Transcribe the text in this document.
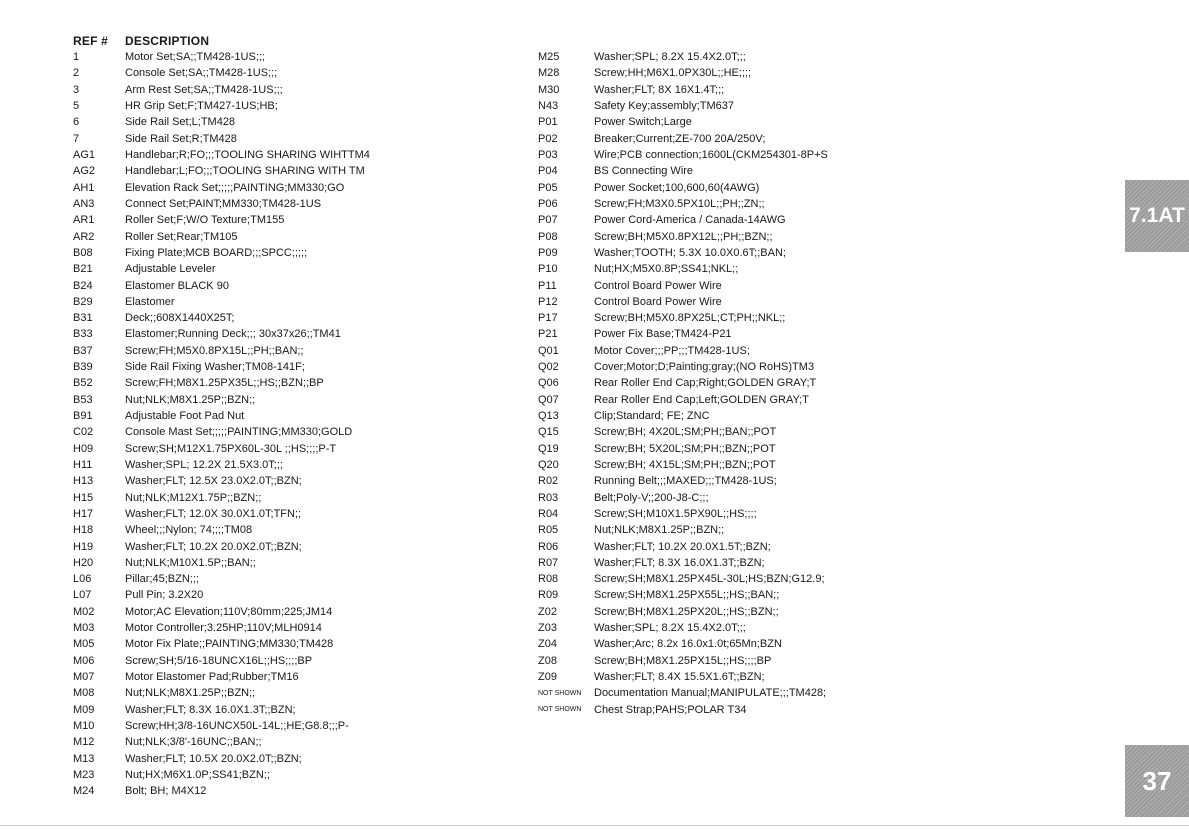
REF #	DESCRIPTION
1	Motor Set;SA;;TM428-1US;;;
2	Console Set;SA;;TM428-1US;;;
3	Arm Rest Set;SA;;TM428-1US;;;
5	HR Grip Set;F;TM427-1US;HB;
6	Side Rail Set;L;TM428
7	Side Rail Set;R;TM428
AG1	Handlebar;R;FO;;;TOOLING SHARING WIHTTM4
AG2	Handlebar;L;FO;;;TOOLING SHARING WITH TM
AH1	Elevation Rack Set;;;;;PAINTING;MM330;GO
AN3	Connect Set;PAINT;MM330;TM428-1US
AR1	Roller Set;F;W/O Texture;TM155
AR2	Roller Set;Rear;TM105
B08	Fixing Plate;MCB BOARD;;;SPCC;;;;;
B21	Adjustable Leveler
B24	Elastomer BLACK 90
B29	Elastomer
B31	Deck;;608X1440X25T;
B33	Elastomer;Running Deck;;; 30x37x26;;TM41
B37	Screw;FH;M5X0.8PX15L;;PH;;BAN;;
B39	Side Rail Fixing Washer;TM08-141F;
B52	Screw;FH;M8X1.25PX35L;;HS;;BZN;;BP
B53	Nut;NLK;M8X1.25P;;BZN;;
B91	Adjustable Foot Pad Nut
C02	Console Mast Set;;;;;PAINTING;MM330;GOLD
H09	Screw;SH;M12X1.75PX60L-30L ;;HS;;;;P-T
H11	Washer;SPL; 12.2X 21.5X3.0T;;;
H13	Washer;FLT; 12.5X 23.0X2.0T;;BZN;
H15	Nut;NLK;M12X1.75P;;BZN;;
H17	Washer;FLT; 12.0X 30.0X1.0T;TFN;;
H18	Wheel;;;Nylon; 74;;;;TM08
H19	Washer;FLT; 10.2X 20.0X2.0T;;BZN;
H20	Nut;NLK;M10X1.5P;;BAN;;
L06	Pillar;45;BZN;;;
L07	Pull Pin; 3.2X20
M02	Motor;AC Elevation;110V;80mm;225;JM14
M03	Motor Controller;3.25HP;110V;MLH0914
M05	Motor Fix Plate;;PAINTING;MM330;TM428
M06	Screw;SH;5/16-18UNCX16L;;HS;;;;BP
M07	Motor Elastomer Pad;Rubber;TM16
M08	Nut;NLK;M8X1.25P;;BZN;;
M09	Washer;FLT; 8.3X 16.0X1.3T;;BZN;
M10	Screw;HH;3/8-16UNCX50L-14L;;HE;G8.8;;;P-
M12	Nut;NLK;3/8'-16UNC;;BAN;;
M13	Washer;FLT; 10.5X 20.0X2.0T;;BZN;
M23	Nut;HX;M6X1.0P;SS41;BZN;;
M24	Bolt; BH; M4X12
M25	Washer;SPL; 8.2X 15.4X2.0T;;;
M28	Screw;HH;M6X1.0PX30L;;HE;;;;
M30	Washer;FLT; 8X 16X1.4T;;;
N43	Safety Key;assembly;TM637
P01	Power Switch;Large
P02	Breaker;Current;ZE-700 20A/250V;
P03	Wire;PCB connection;1600L(CKM254301-8P+S
P04	BS Connecting Wire
P05	Power Socket;100,600,60(4AWG)
P06	Screw;FH;M3X0.5PX10L;;PH;;ZN;;
P07	Power Cord-America / Canada-14AWG
P08	Screw;BH;M5X0.8PX12L;;PH;;BZN;;
P09	Washer;TOOTH; 5.3X 10.0X0.6T;;BAN;
P10	Nut;HX;M5X0.8P;SS41;NKL;;
P11	Control Board Power Wire
P12	Control Board Power Wire
P17	Screw;BH;M5X0.8PX25L;CT;PH;;NKL;;
P21	Power Fix Base;TM424-P21
Q01	Motor Cover;;;PP;;;TM428-1US;
Q02	Cover;Motor;D;Painting;gray;(NO RoHS)TM3
Q06	Rear Roller End Cap;Right;GOLDEN GRAY;T
Q07	Rear Roller End Cap;Left;GOLDEN GRAY;T
Q13	Clip;Standard; FE; ZNC
Q15	Screw;BH; 4X20L;SM;PH;;BAN;;POT
Q19	Screw;BH; 5X20L;SM;PH;;BZN;;POT
Q20	Screw;BH; 4X15L;SM;PH;;BZN;;POT
R02	Running Belt;;;MAXED;;;TM428-1US;
R03	Belt;Poly-V;;200-J8-C;;;
R04	Screw;SH;M10X1.5PX90L;;HS;;;;
R05	Nut;NLK;M8X1.25P;;BZN;;
R06	Washer;FLT; 10.2X 20.0X1.5T;;BZN;
R07	Washer;FLT; 8.3X 16.0X1.3T;;BZN;
R08	Screw;SH;M8X1.25PX45L-30L;HS;BZN;G12.9;
R09	Screw;SH;M8X1.25PX55L;;HS;;BAN;;
Z02	Screw;BH;M8X1.25PX20L;;HS;;BZN;;
Z03	Washer;SPL; 8.2X 15.4X2.0T;;;
Z04	Washer;Arc; 8.2x 16.0x1.0t;65Mn;BZN
Z08	Screw;BH;M8X1.25PX15L;;HS;;;;BP
Z09	Washer;FLT; 8.4X 15.5X1.6T;;BZN;
NOT SHOWN	Documentation Manual;MANIPULATE;;;TM428;
NOT SHOWN	Chest Strap;PAHS;POLAR T34
7.1AT
37
